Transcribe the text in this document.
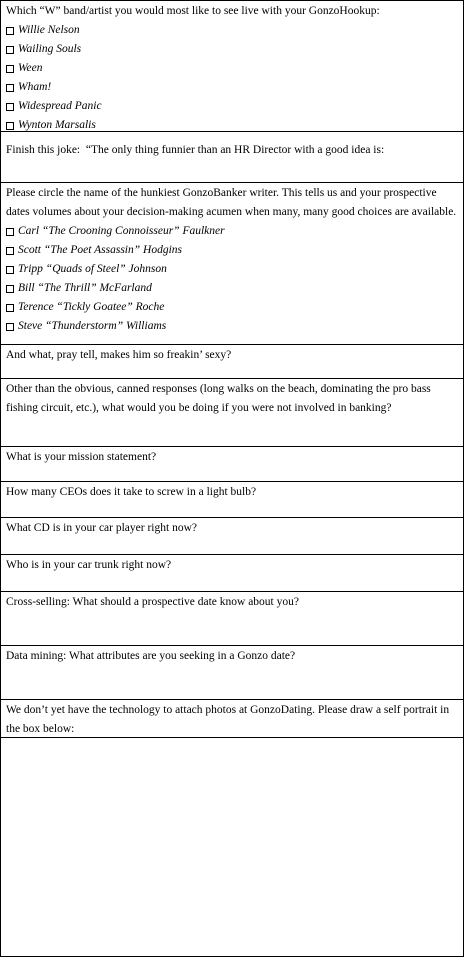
Which “W” band/artist you would most like to see live with your GonzoHookup:
Willie Nelson
Wailing Souls
Ween
Wham!
Widespread Panic
Wynton Marsalis
Finish this joke:  “The only thing funnier than an HR Director with a good idea is:
Please circle the name of the hunkiest GonzoBanker writer. This tells us and your prospective dates volumes about your decision-making acumen when many, many good choices are available.
Carl “The Crooning Connoisseur” Faulkner
Scott “The Poet Assassin” Hodgins
Tripp “Quads of Steel” Johnson
Bill “The Thrill” McFarland
Terence “Tickly Goatee” Roche
Steve “Thunderstorm” Williams
And what, pray tell, makes him so freakin’ sexy?
Other than the obvious, canned responses (long walks on the beach, dominating the pro bass fishing circuit, etc.), what would you be doing if you were not involved in banking?
What is your mission statement?
How many CEOs does it take to screw in a light bulb?
What CD is in your car player right now?
Who is in your car trunk right now?
Cross-selling: What should a prospective date know about you?
Data mining: What attributes are you seeking in a Gonzo date?
We don’t yet have the technology to attach photos at GonzoDating. Please draw a self portrait in the box below:
